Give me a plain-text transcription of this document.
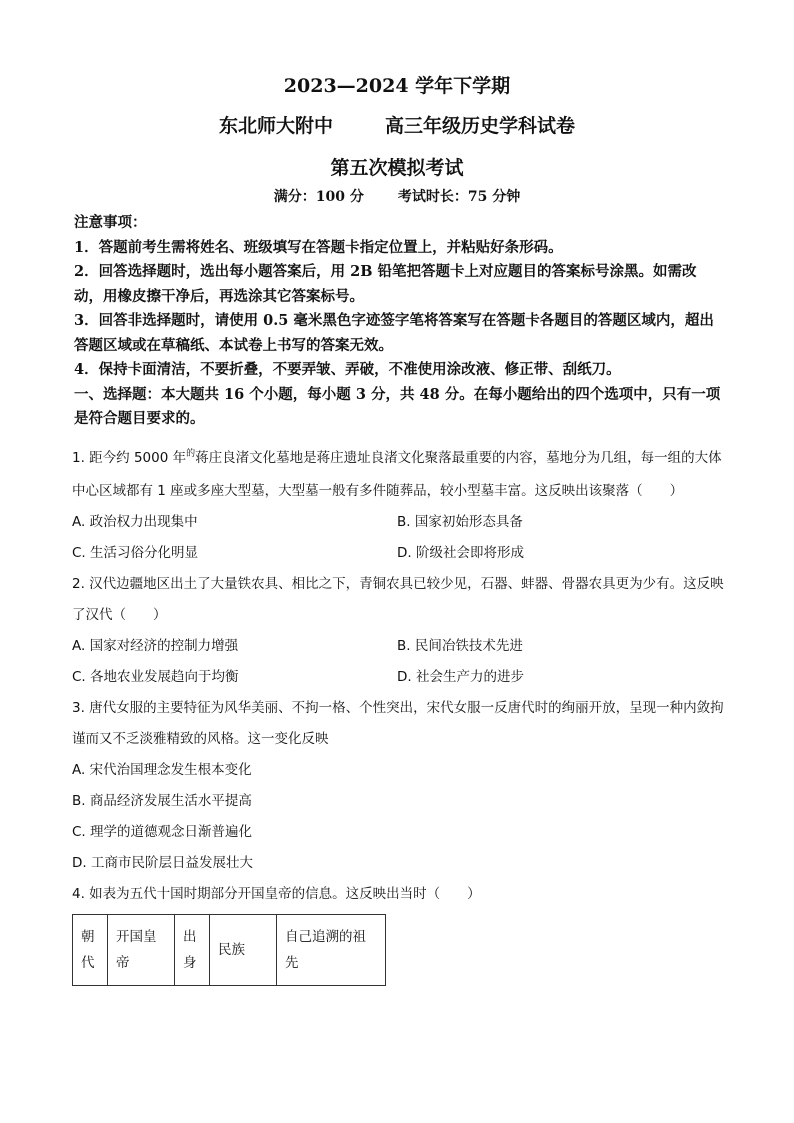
2023—2024 学年下学期
东北师大附中	高三年级历史学科试卷
第五次模拟考试
满分：100 分 考试时长：75 分钟

注意事项：

1．答题前考生需将姓名、班级填写在答题卡指定位置上，并粘贴好条形码。

2．回答选择题时，选出每小题答案后，用 2B 铅笔把答题卡上对应题目的答案标号涂黑。如需改动，用橡皮擦干净后，再选涂其它答案标号。

3．回答非选择题时，请使用 0.5 毫米黑色字迹签字笔将答案写在答题卡各题目的答题区域内，超出答题区域或在草稿纸、本试卷上书写的答案无效。

4．保持卡面清洁，不要折叠，不要弄皱、弄破，不准使用涂改液、修正带、刮纸刀。

一、选择题：本大题共 16 个小题，每小题 3 分，共 48 分。在每小题给出的四个选项中，只有一项是符合题目要求的。

1. 距今约 5000 年$^的$蒋庄良渚文化墓地是蒋庄遗址良渚文化聚落最重要的内容，墓地分为几组，每一组的大体中心区域都有 1 座或多座大型墓，大型墓一般有多件随葬品，较小型墓丰富。这反映出该聚落（　　）

A. 政治权力出现集中	B. 国家初始形态具备
C. 生活习俗分化明显	D. 阶级社会即将形成

2. 汉代边疆地区出土了大量铁农具、相比之下，青铜农具已较少见，石器、蚌器、骨器农具更为少有。这反映了汉代（　　）

A. 国家对经济的控制力增强	B. 民间冶铁技术先进
C. 各地农业发展趋向于均衡	D. 社会生产力的进步

3. 唐代女服的主要特征为风华美丽、不拘一格、个性突出，宋代女服一反唐代时的绚丽开放，呈现一种内敛拘谨而又不乏淡雅精致的风格。这一变化反映

A. 宋代治国理念发生根本变化
B. 商品经济发展生活水平提高
C. 理学的道德观念日渐普遍化
D. 工商市民阶层日益发展壮大

4. 如表为五代十国时期部分开国皇帝的信息。这反映出当时（　　）

朝代	开国皇帝	出身	民族	自己追溯的祖先
